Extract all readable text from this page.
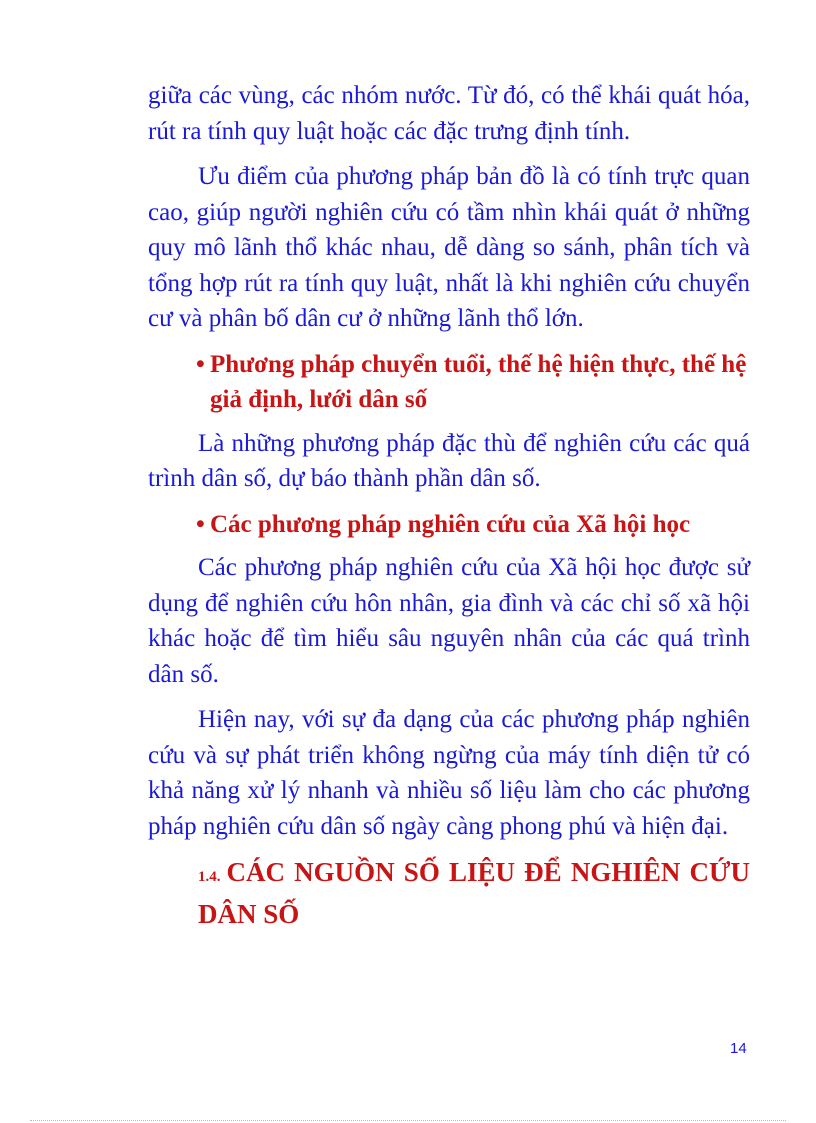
giữa các vùng, các nhóm nước. Từ đó, có thể khái quát hóa, rút ra tính quy luật hoặc các đặc trưng định tính.

Ưu điểm của phương pháp bản đồ là có tính trực quan cao, giúp người nghiên cứu có tầm nhìn khái quát ở những quy mô lãnh thổ khác nhau, dễ dàng so sánh, phân tích và tổng hợp rút ra tính quy luật, nhất là khi nghiên cứu chuyển cư và phân bố dân cư ở những lãnh thổ lớn.

• Phương pháp chuyển tuổi, thế hệ hiện thực, thế hệ giả định, lưới dân số

Là những phương pháp đặc thù để nghiên cứu các quá trình dân số, dự báo thành phần dân số.

• Các phương pháp nghiên cứu của Xã hội học

Các phương pháp nghiên cứu của Xã hội học được sử dụng để nghiên cứu hôn nhân, gia đình và các chỉ số xã hội khác hoặc để tìm hiểu sâu nguyên nhân của các quá trình dân số.

Hiện nay, với sự đa dạng của các phương pháp nghiên cứu và sự phát triển không ngừng của máy tính diện tử có khả năng xử lý nhanh và nhiều số liệu làm cho các phương pháp nghiên cứu dân số ngày càng phong phú và hiện đại.

1.4. CÁC NGUỒN SỐ LIỆU ĐỂ NGHIÊN CỨU DÂN SỐ
14
